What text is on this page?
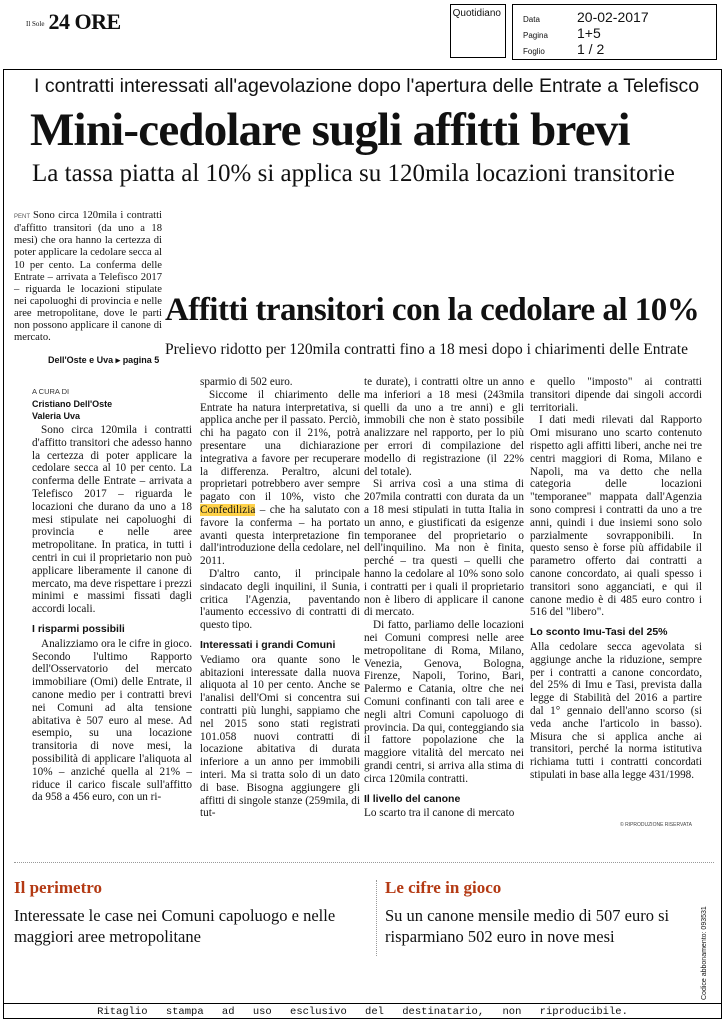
Il Sole 24 ORE	Quotidiano
Data	20-02-2017
Pagina	1+5
Foglio	1 / 2
I contratti interessati all'agevolazione dopo l'apertura delle Entrate a Telefisco
Mini-cedolare sugli affitti brevi
La tassa piatta al 10% si applica su 120mila locazioni transitorie
PENT Sono circa 120mila i contratti d'affitto transitori (da uno a 18 mesi) che ora hanno la certezza di poter applicare la cedolare secca al 10 per cento. La conferma delle Entrate – arrivata a Telefisco 2017 – riguarda le locazioni stipulate nei capoluoghi di provincia e nelle aree metropolitane, dove le parti non possono applicare il canone di mercato.
Dell'Oste e Uva ▸ pagina 5
Affitti transitori con la cedolare al 10%
Prelievo ridotto per 120mila contratti fino a 18 mesi dopo i chiarimenti delle Entrate
A CURA DI
Cristiano Dell'Oste
Valeria Uva

Sono circa 120mila i contratti d'affitto transitori che adesso hanno la certezza di poter applicare la cedolare secca al 10 per cento. La conferma delle Entrate – arrivata a Telefisco 2017 – riguarda le locazioni che durano da uno a 18 mesi stipulate nei capoluoghi di provincia e nelle aree metropolitane. In pratica, in tutti i centri in cui il proprietario non può applicare liberamente il canone di mercato, ma deve rispettare i prezzi minimi e massimi fissati dagli accordi locali.

I risparmi possibili

Analizziamo ora le cifre in gioco. Secondo l'ultimo Rapporto dell'Osservatorio del mercato immobiliare (Omi) delle Entrate, il canone medio per i contratti brevi nei Comuni ad alta tensione abitativa è 507 euro al mese. Ad esempio, su una locazione transitoria di nove mesi, la possibilità di applicare l'aliquota al 10% – anziché quella al 21% – riduce il carico fiscale sull'affitto da 958 a 456 euro, con un ri-

sparmio di 502 euro.

Siccome il chiarimento delle Entrate ha natura interpretativa, si applica anche per il passato. Perciò, chi ha pagato con il 21%, potrà presentare una dichiarazione integrativa a favore per recuperare la differenza. Peraltro, alcuni proprietari potrebbero aver sempre pagato con il 10%, visto che Confedilizia – che ha salutato con favore la conferma – ha portato avanti questa interpretazione fin dall'introduzione della cedolare, nel 2011.

D'altro canto, il principale sindacato degli inquilini, il Sunia, critica l'Agenzia, paventando l'aumento eccessivo di contratti di questo tipo.

Interessati i grandi Comuni

Vediamo ora quante sono le abitazioni interessate dalla nuova aliquota al 10 per cento. Anche se l'analisi dell'Omi si concentra sui contratti più lunghi, sappiamo che nel 2015 sono stati registrati 101.058 nuovi contratti di locazione abitativa di durata inferiore a un anno per immobili interi. Ma si tratta solo di un dato di base. Bisogna aggiungere gli affitti di singole stanze (259mila, di tut-

te durate), i contratti oltre un anno ma inferiori a 18 mesi (243mila quelli da uno a tre anni) e gli immobili che non è stato possibile analizzare nel rapporto, per lo più per errori di compilazione del modello di registrazione (il 22% del totale).

Si arriva così a una stima di 207mila contratti con durata da un a 18 mesi stipulati in tutta Italia in un anno, e giustificati da esigenze temporanee del proprietario o dell'inquilino. Ma non è finita, perché – tra questi – quelli che hanno la cedolare al 10% sono solo i contratti per i quali il proprietario non è libero di applicare il canone di mercato.

Di fatto, parliamo delle locazioni nei Comuni compresi nelle aree metropolitane di Roma, Milano, Venezia, Genova, Bologna, Firenze, Napoli, Torino, Bari, Palermo e Catania, oltre che nei Comuni confinanti con tali aree e negli altri Comuni capoluogo di provincia. Da qui, conteggiando sia il fattore popolazione che la maggiore vitalità del mercato nei grandi centri, si arriva alla stima di circa 120mila contratti.

Il livello del canone

Lo scarto tra il canone di mercato

e quello "imposto" ai contratti transitori dipende dai singoli accordi territoriali.

I dati medi rilevati dal Rapporto Omi misurano uno scarto contenuto rispetto agli affitti liberi, anche nei tre centri maggiori di Roma, Milano e Napoli, ma va detto che nella categoria delle locazioni "temporanee" mappata dall'Agenzia sono compresi i contratti da uno a tre anni, quindi i due insiemi sono solo parzialmente sovrapponibili. In questo senso è forse più affidabile il parametro offerto dai contratti a canone concordato, ai quali spesso i transitori sono agganciati, e qui il canone medio è di 485 euro contro i 516 del "libero".

Lo sconto Imu-Tasi del 25%

Alla cedolare secca agevolata si aggiunge anche la riduzione, sempre per i contratti a canone concordato, del 25% di Imu e Tasi, prevista dalla legge di Stabilità del 2016 a partire dal 1° gennaio dell'anno scorso (si veda anche l'articolo in basso). Misura che si applica anche ai transitori, perché la norma istitutiva richiama tutti i contratti concordati stipulati in base alla legge 431/1998.

© RIPRODUZIONE RISERVATA
Il perimetro
Interessate le case nei Comuni capoluogo e nelle maggiori aree metropolitane
Le cifre in gioco
Su un canone mensile medio di 507 euro si risparmiano 502 euro in nove mesi	Codice abbonamento: 093531
Ritaglio stampa ad uso esclusivo del destinatario, non riproducibile.
